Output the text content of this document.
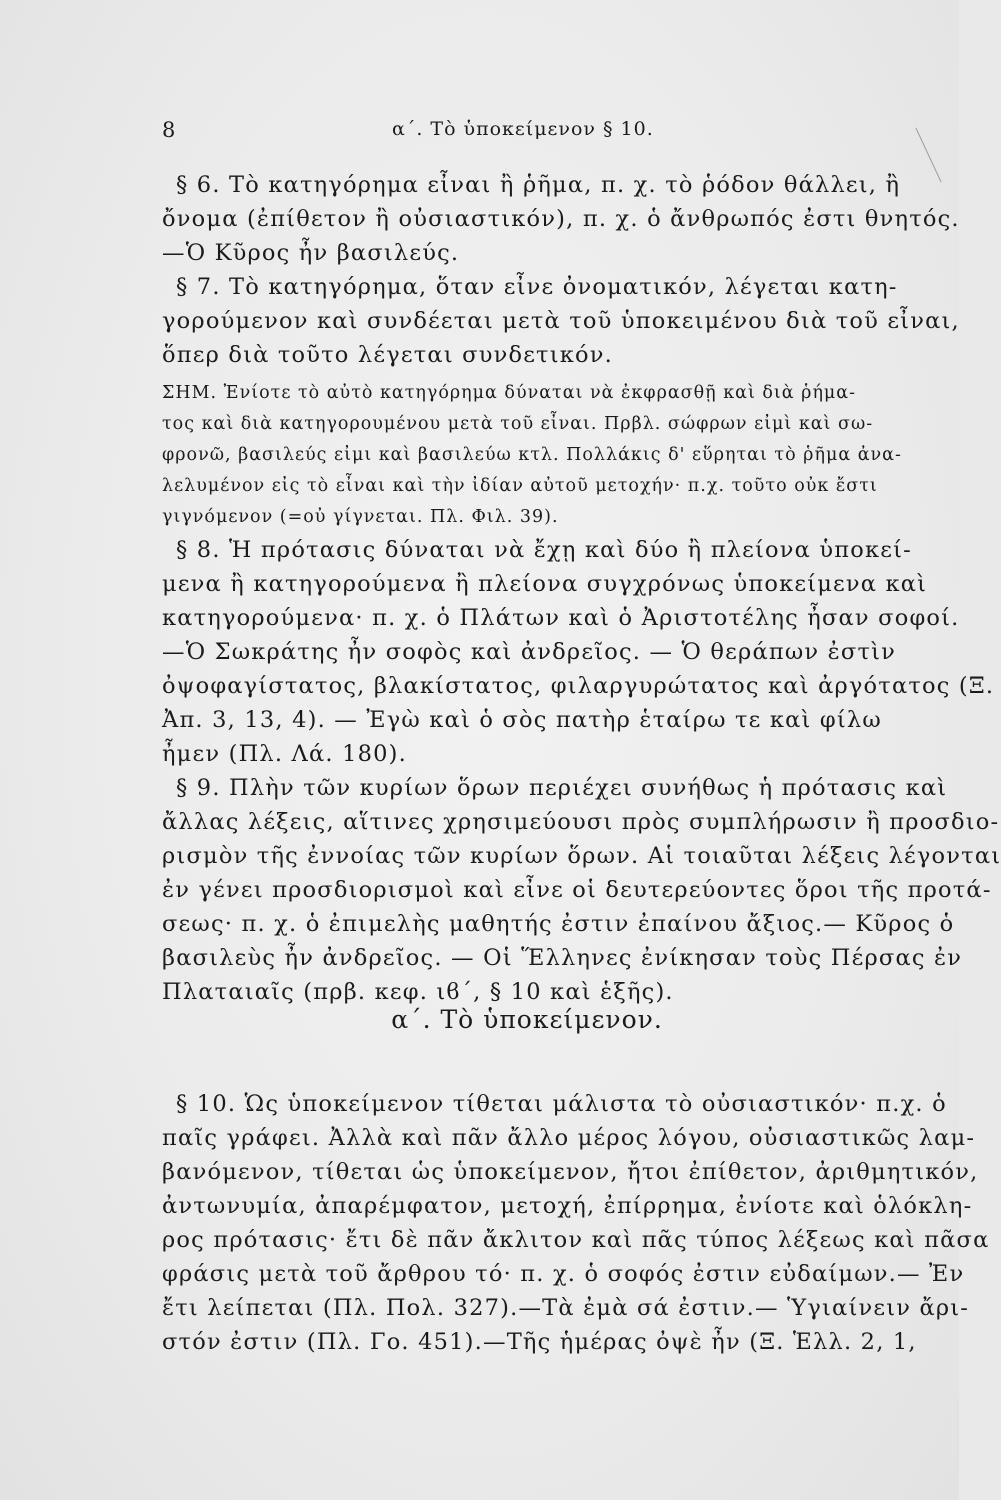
8	α΄. Τὸ ὑποκείμενον § 10.
§ 6. Τὸ κατηγόρημα εἶναι ἢ ῥῆμα, π. χ. τὸ ῥόδον θάλλει, ἢ
ὄνομα (ἐπίθετον ἢ οὐσιαστικόν), π. χ. ὁ ἄνθρωπός ἐστι θνητός.
—Ὁ Κῦρος ἦν βασιλεύς.
§ 7. Τὸ κατηγόρημα, ὅταν εἶνε ὀνοματικόν, λέγεται κατη-
γορούμενον καὶ συνδέεται μετὰ τοῦ ὑποκειμένου διὰ τοῦ εἶναι,
ὅπερ διὰ τοῦτο λέγεται συνδετικόν.
ΣΗΜ. Ἐνίοτε τὸ αὐτὸ κατηγόρημα δύναται νὰ ἐκφρασθῇ καὶ διὰ ῥήμα-
τος καὶ διὰ κατηγορουμένου μετὰ τοῦ εἶναι. Πρβλ. σώφρων εἰμὶ καὶ σω-
φρονῶ, βασιλεύς εἰμι καὶ βασιλεύω κτλ. Πολλάκις δ' εὕρηται τὸ ῥῆμα ἀνα-
λελυμένον εἰς τὸ εἶναι καὶ τὴν ἰδίαν αὐτοῦ μετοχήν· π.χ. τοῦτο οὐκ ἔστι
γιγνόμενον (=οὐ γίγνεται. Πλ. Φιλ. 39).
§ 8. Ἡ πρότασις δύναται νὰ ἔχῃ καὶ δύο ἢ πλείονα ὑποκεί-
μενα ἢ κατηγορούμενα ἢ πλείονα συγχρόνως ὑποκείμενα καὶ
κατηγορούμενα· π. χ. ὁ Πλάτων καὶ ὁ Ἀριστοτέλης ἦσαν σοφοί.
—Ὁ Σωκράτης ἦν σοφὸς καὶ ἀνδρεῖος. — Ὁ θεράπων ἐστὶν
ὀψοφαγίστατος, βλακίστατος, φιλαργυρώτατος καὶ ἀργότατος (Ξ.
Ἀπ. 3, 13, 4). — Ἐγὼ καὶ ὁ σὸς πατὴρ ἑταίρω τε καὶ φίλω
ἦμεν (Πλ. Λά. 180).
§ 9. Πλὴν τῶν κυρίων ὅρων περιέχει συνήθως ἡ πρότασις καὶ
ἄλλας λέξεις, αἵτινες χρησιμεύουσι πρὸς συμπλήρωσιν ἢ προσδιο-
ρισμὸν τῆς ἐννοίας τῶν κυρίων ὅρων. Αἱ τοιαῦται λέξεις λέγονται
ἐν γένει προσδιορισμοὶ καὶ εἶνε οἱ δευτερεύοντες ὅροι τῆς προτά-
σεως· π. χ. ὁ ἐπιμελὴς μαθητής ἐστιν ἐπαίνου ἄξιος.— Κῦρος ὁ
βασιλεὺς ἦν ἀνδρεῖος. — Οἱ Ἕλληνες ἐνίκησαν τοὺς Πέρσας ἐν
Πλαταιαῖς (πρβ. κεφ. ιϐ΄, § 10 καὶ ἑξῆς).
α΄. Τὸ ὑποκείμενον.
§ 10. Ὡς ὑποκείμενον τίθεται μάλιστα τὸ οὐσιαστικόν· π.χ. ὁ
παῖς γράφει. Ἀλλὰ καὶ πᾶν ἄλλο μέρος λόγου, οὐσιαστικῶς λαμ-
βανόμενον, τίθεται ὡς ὑποκείμενον, ἤτοι ἐπίθετον, ἀριθμητικόν,
ἀντωνυμία, ἀπαρέμφατον, μετοχή, ἐπίρρημα, ἐνίοτε καὶ ὁλόκλη-
ρος πρότασις· ἔτι δὲ πᾶν ἄκλιτον καὶ πᾶς τύπος λέξεως καὶ πᾶσα
φράσις μετὰ τοῦ ἄρθρου τό· π. χ. ὁ σοφός ἐστιν εὐδαίμων.— Ἐν
ἔτι λείπεται (Πλ. Πολ. 327).—Τὰ ἐμὰ σά ἐστιν.— Ὑγιαίνειν ἄρι-
στόν ἐστιν (Πλ. Γο. 451).—Τῆς ἡμέρας ὀψὲ ἦν (Ξ. Ἑλλ. 2, 1,
